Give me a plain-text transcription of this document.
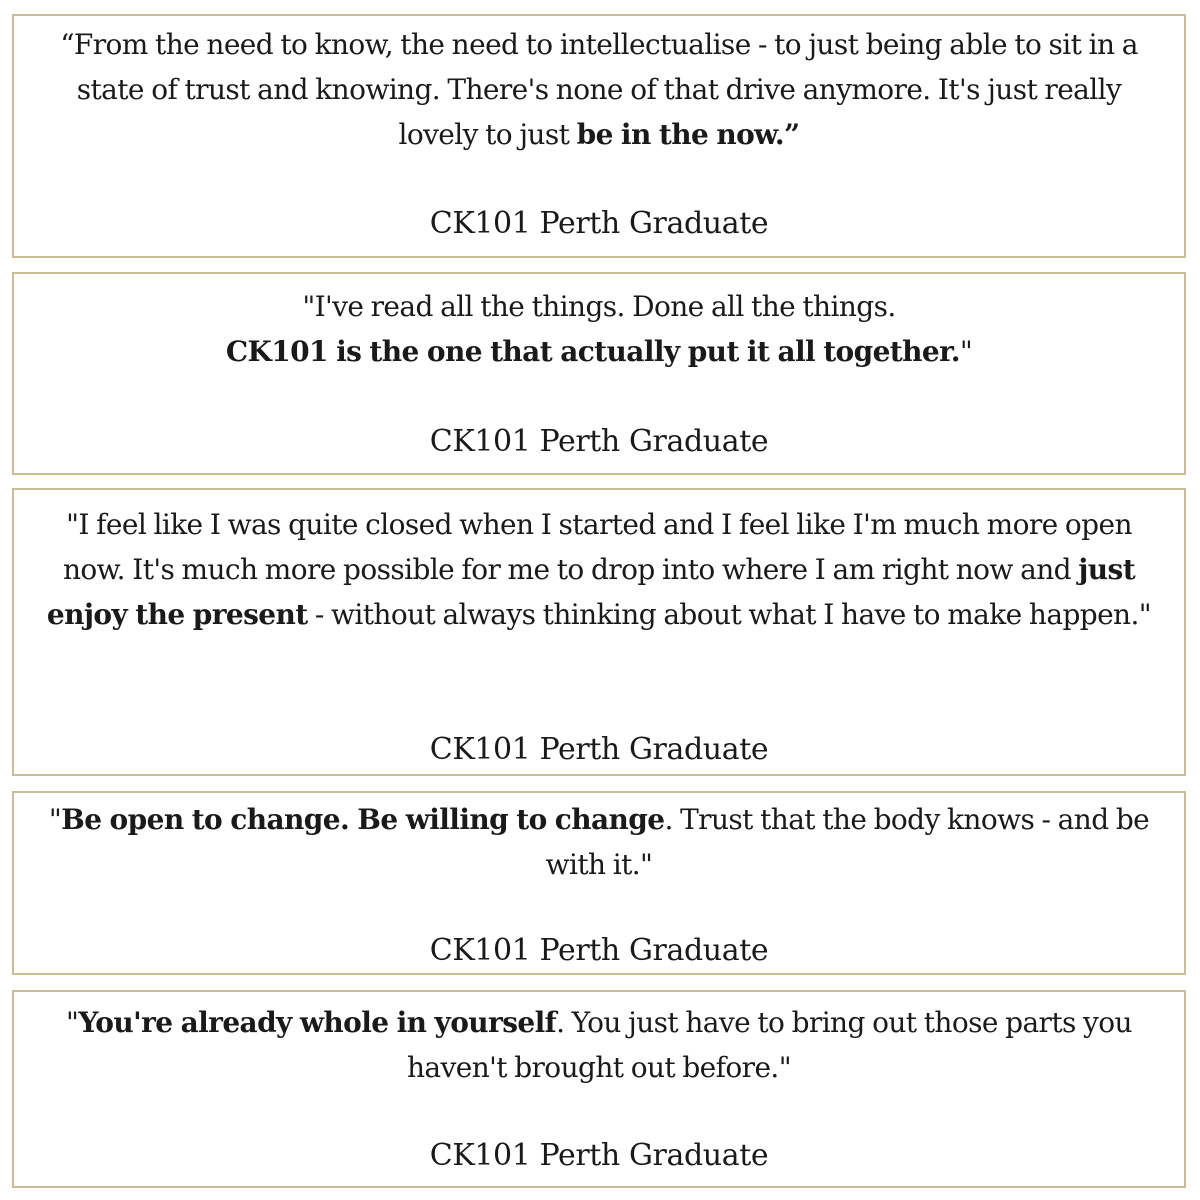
“From the need to know, the need to intellectualise - to just being able to sit in a state of trust and knowing. There's none of that drive anymore. It's just really lovely to just be in the now.”

CK101 Perth Graduate

"I've read all the things. Done all the things.
CK101 is the one that actually put it all together."

CK101 Perth Graduate

"I feel like I was quite closed when I started and I feel like I'm much more open now. It's much more possible for me to drop into where I am right now and just enjoy the present - without always thinking about what I have to make happen."

CK101 Perth Graduate

"Be open to change. Be willing to change. Trust that the body knows - and be with it."

CK101 Perth Graduate

"You're already whole in yourself. You just have to bring out those parts you haven't brought out before."

CK101 Perth Graduate
